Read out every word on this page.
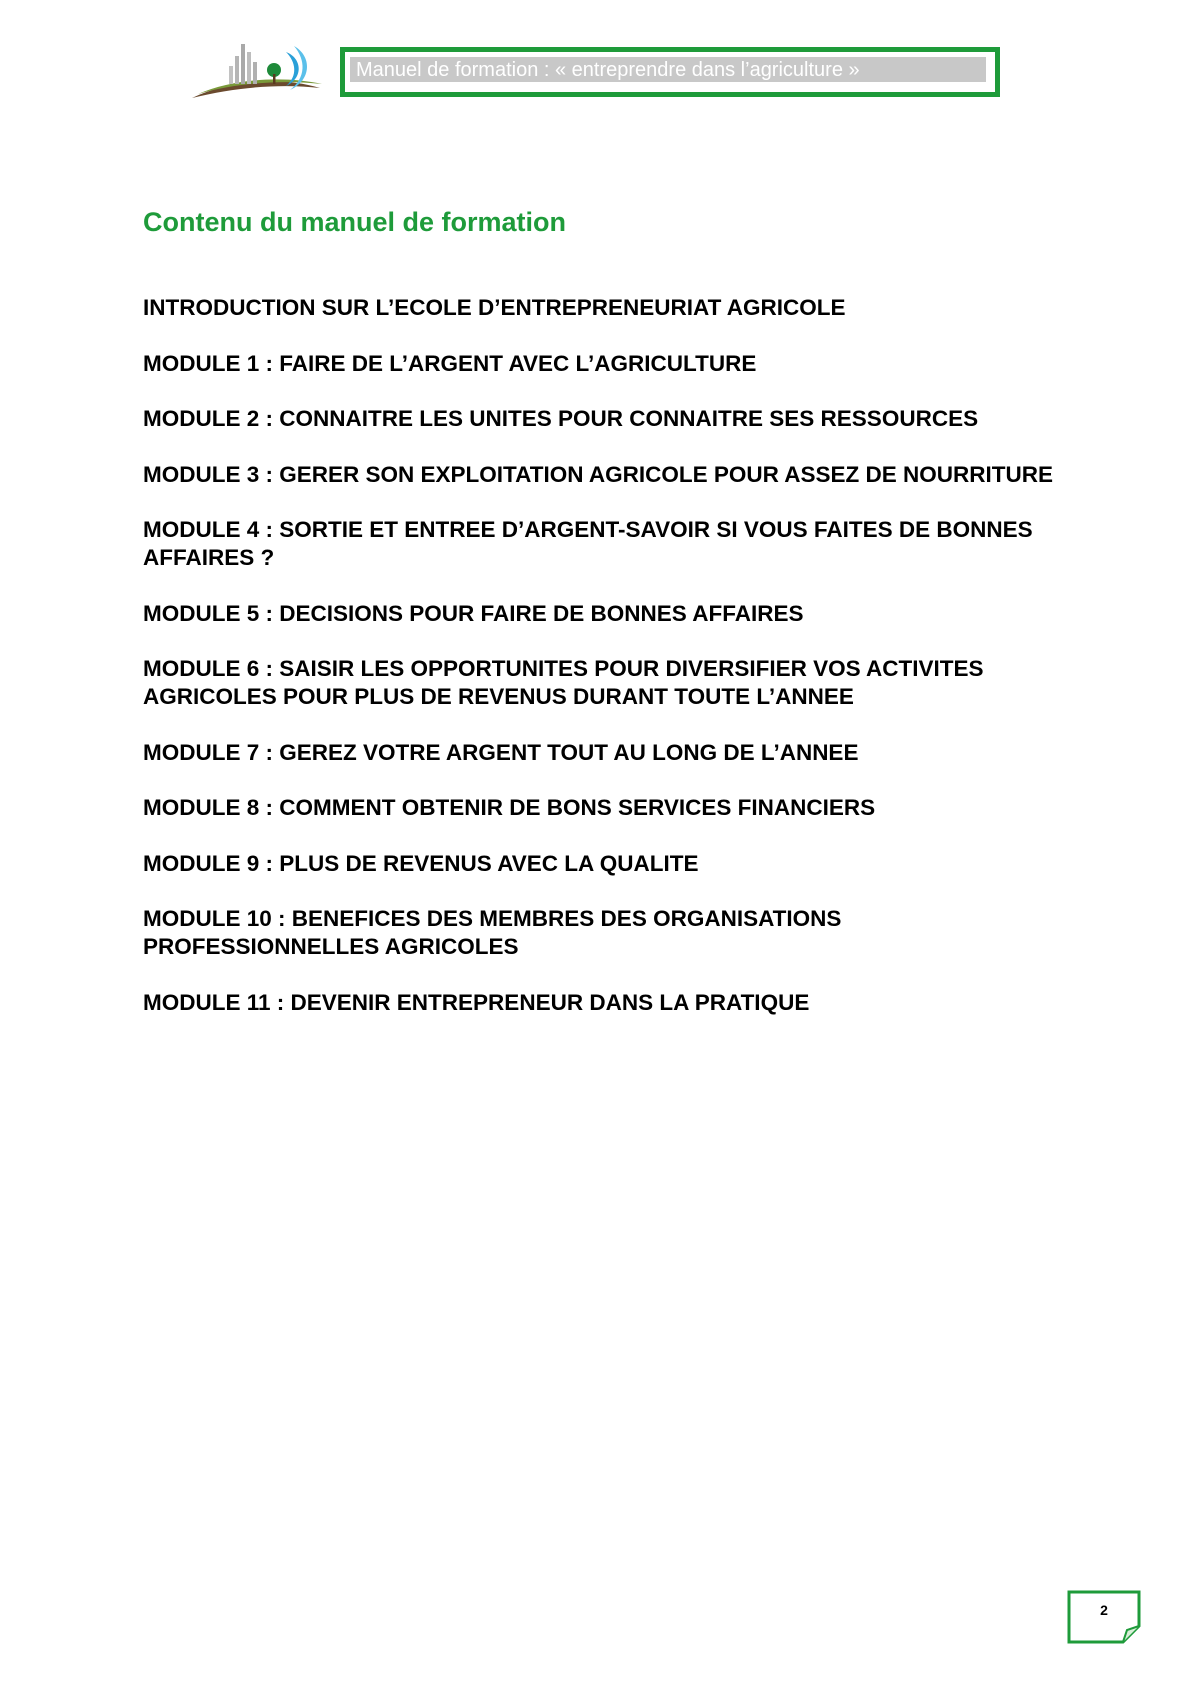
Manuel de formation : « entreprendre dans l’agriculture »
Contenu du manuel de formation
INTRODUCTION SUR L’ECOLE D’ENTREPRENEURIAT AGRICOLE
MODULE 1 : FAIRE DE L’ARGENT AVEC L’AGRICULTURE
MODULE 2 : CONNAITRE LES UNITES POUR CONNAITRE SES RESSOURCES
MODULE 3 : GERER SON EXPLOITATION AGRICOLE POUR ASSEZ DE NOURRITURE
MODULE 4 : SORTIE ET ENTREE D’ARGENT-SAVOIR SI VOUS FAITES DE BONNES AFFAIRES ?
MODULE 5 : DECISIONS POUR FAIRE DE BONNES AFFAIRES
MODULE 6 : SAISIR LES OPPORTUNITES POUR DIVERSIFIER VOS ACTIVITES AGRICOLES POUR PLUS DE REVENUS DURANT TOUTE L’ANNEE
MODULE 7 : GEREZ VOTRE ARGENT TOUT AU LONG DE L’ANNEE
MODULE 8 : COMMENT OBTENIR DE BONS SERVICES FINANCIERS
MODULE 9 : PLUS DE REVENUS AVEC LA QUALITE
MODULE 10 : BENEFICES DES MEMBRES DES ORGANISATIONS PROFESSIONNELLES AGRICOLES
MODULE 11 : DEVENIR ENTREPRENEUR DANS LA PRATIQUE
2
